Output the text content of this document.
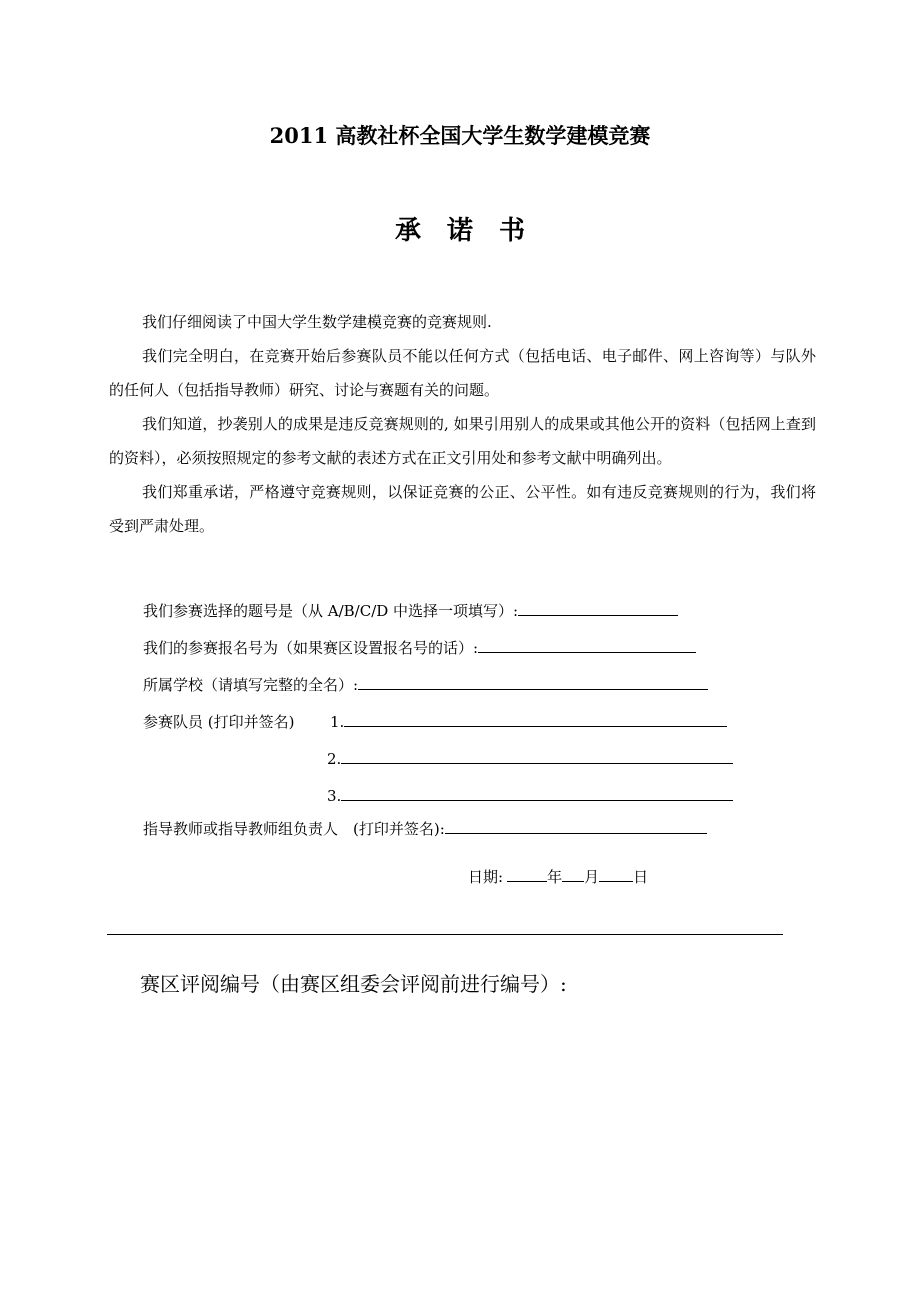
2011 高教社杯全国大学生数学建模竞赛
承诺书

我们仔细阅读了中国大学生数学建模竞赛的竞赛规则.

我们完全明白，在竞赛开始后参赛队员不能以任何方式（包括电话、电子邮件、网上咨询等）与队外的任何人（包括指导教师）研究、讨论与赛题有关的问题。

我们知道，抄袭别人的成果是违反竞赛规则的, 如果引用别人的成果或其他公开的资料（包括网上查到的资料），必须按照规定的参考文献的表述方式在正文引用处和参考文献中明确列出。

我们郑重承诺，严格遵守竞赛规则，以保证竞赛的公正、公平性。如有违反竞赛规则的行为，我们将受到严肃处理。

我们参赛选择的题号是（从 A/B/C/D 中选择一项填写）:
我们的参赛报名号为（如果赛区设置报名号的话）:
所属学校（请填写完整的全名）:
参赛队员 (打印并签名) 1.
2.
3.
指导教师或指导教师组负责人　(打印并签名):
日期:	年 月 日
赛区评阅编号（由赛区组委会评阅前进行编号）:
